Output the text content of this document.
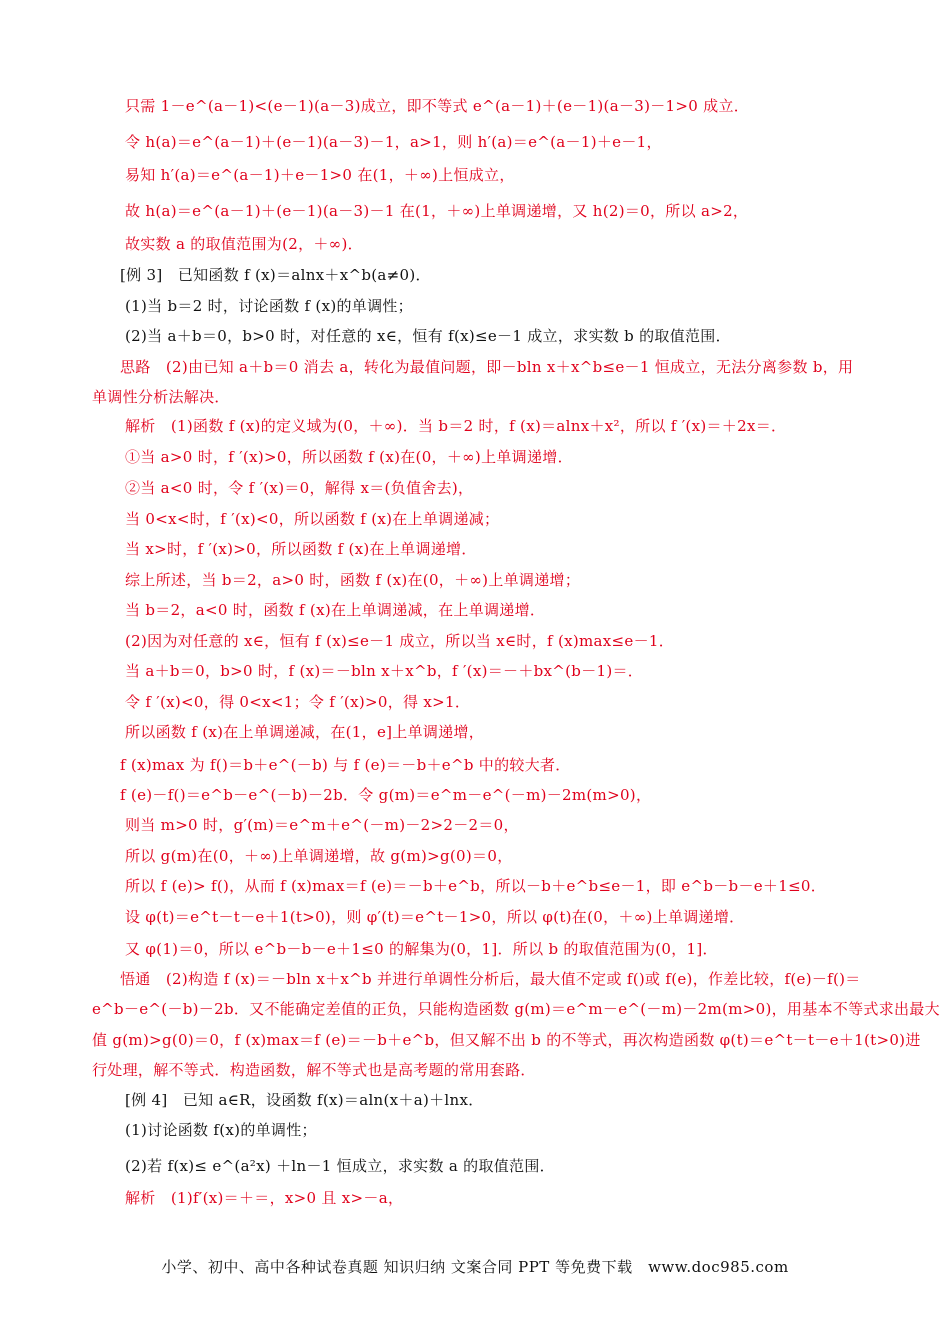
只需 1－e^(a－1)<(e－1)(a－3)成立，即不等式 e^(a－1)＋(e－1)(a－3)－1>0 成立．
令 h(a)＝e^(a－1)＋(e－1)(a－3)－1，a>1，则 h′(a)＝e^(a－1)＋e－1，
易知 h′(a)＝e^(a－1)＋e－1>0 在(1，＋∞)上恒成立，
故 h(a)＝e^(a－1)＋(e－1)(a－3)－1 在(1，＋∞)上单调递增，又 h(2)＝0，所以 a>2，
故实数 a 的取值范围为(2，＋∞)．
[例 3]　已知函数 f (x)＝alnx＋x^b(a≠0)．
(1)当 b＝2 时，讨论函数 f (x)的单调性；
(2)当 a＋b＝0，b>0 时，对任意的 x∈，恒有 f(x)≤e－1 成立，求实数 b 的取值范围．
思路　(2)由已知 a＋b＝0 消去 a，转化为最值问题，即－bln x＋x^b≤e－1 恒成立，无法分离参数 b，用
单调性分析法解决．
解析　(1)函数 f (x)的定义域为(0，＋∞)．当 b＝2 时，f (x)＝alnx＋x²，所以 f ′(x)＝＋2x＝．
①当 a>0 时，f ′(x)>0，所以函数 f (x)在(0，＋∞)上单调递增．
②当 a<0 时，令 f ′(x)＝0，解得 x＝(负值舍去)，
当 0<x<时，f ′(x)<0，所以函数 f (x)在上单调递减；
当 x>时，f ′(x)>0，所以函数 f (x)在上单调递增．
综上所述，当 b＝2，a>0 时，函数 f (x)在(0，＋∞)上单调递增；
当 b＝2，a<0 时，函数 f (x)在上单调递减，在上单调递增．
(2)因为对任意的 x∈，恒有 f (x)≤e－1 成立，所以当 x∈时，f (x)max≤e－1．
当 a＋b＝0，b>0 时，f (x)＝－bln x＋x^b，f ′(x)＝－＋bx^(b－1)＝．
令 f ′(x)<0，得 0<x<1；令 f ′(x)>0，得 x>1．
所以函数 f (x)在上单调递减，在(1，e]上单调递增，
f (x)max 为 f()＝b＋e^(－b) 与 f (e)＝－b＋e^b 中的较大者．
f (e)－f()＝e^b－e^(－b)－2b．令 g(m)＝e^m－e^(－m)－2m(m>0)，
则当 m>0 时，g′(m)＝e^m＋e^(－m)－2>2－2＝0，
所以 g(m)在(0，＋∞)上单调递增，故 g(m)>g(0)＝0，
所以 f (e)> f()，从而 f (x)max＝f (e)＝－b＋e^b，所以－b＋e^b≤e－1，即 e^b－b－e＋1≤0．
设 φ(t)＝e^t－t－e＋1(t>0)，则 φ′(t)＝e^t－1>0，所以 φ(t)在(0，＋∞)上单调递增．
又 φ(1)＝0，所以 e^b－b－e＋1≤0 的解集为(0，1]．所以 b 的取值范围为(0，1]．
悟通　(2)构造 f (x)＝－bln x＋x^b 并进行单调性分析后，最大值不定或 f()或 f(e)，作差比较，f(e)－f()＝
e^b－e^(－b)－2b．又不能确定差值的正负，只能构造函数 g(m)＝e^m－e^(－m)－2m(m>0)，用基本不等式求出最大
值 g(m)>g(0)＝0，f (x)max＝f (e)＝－b＋e^b，但又解不出 b 的不等式，再次构造函数 φ(t)＝e^t－t－e＋1(t>0)进
行处理，解不等式．构造函数，解不等式也是高考题的常用套路．
[例 4]　已知 a∈R，设函数 f(x)＝aln(x＋a)＋lnx．
(1)讨论函数 f(x)的单调性；
(2)若 f(x)≤ e^(a²x) ＋ln－1 恒成立，求实数 a 的取值范围．
解析　(1)f′(x)＝＋＝，x>0 且 x>－a，
小学、初中、高中各种试卷真题 知识归纳 文案合同 PPT 等免费下载　www.doc985.com
